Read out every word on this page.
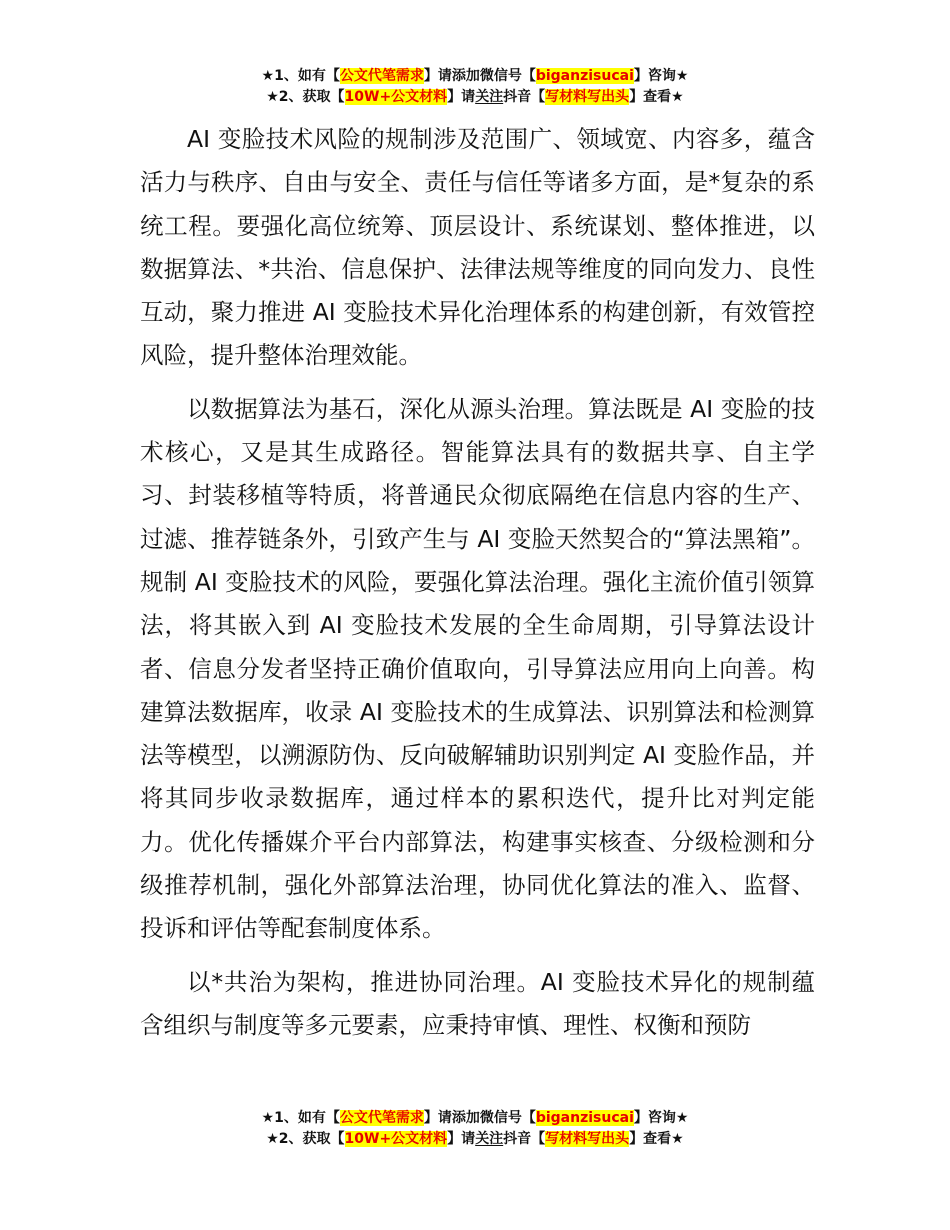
★1、如有【公文代笔需求】请添加微信号【biganzisucai】咨询★
★2、获取【10W+公文材料】请关注抖音【写材料写出头】查看★

AI 变脸技术风险的规制涉及范围广、领域宽、内容多，蕴含活力与秩序、自由与安全、责任与信任等诸多方面，是*复杂的系统工程。要强化高位统筹、顶层设计、系统谋划、整体推进，以数据算法、*共治、信息保护、法律法规等维度的同向发力、良性互动，聚力推进 AI 变脸技术异化治理体系的构建创新，有效管控风险，提升整体治理效能。

以数据算法为基石，深化从源头治理。算法既是 AI 变脸的技术核心，又是其生成路径。智能算法具有的数据共享、自主学习、封装移植等特质，将普通民众彻底隔绝在信息内容的生产、过滤、推荐链条外，引致产生与 AI 变脸天然契合的“算法黑箱”。规制 AI 变脸技术的风险，要强化算法治理。强化主流价值引领算法，将其嵌入到 AI 变脸技术发展的全生命周期，引导算法设计者、信息分发者坚持正确价值取向，引导算法应用向上向善。构建算法数据库，收录 AI 变脸技术的生成算法、识别算法和检测算法等模型，以溯源防伪、反向破解辅助识别判定 AI 变脸作品，并将其同步收录数据库，通过样本的累积迭代，提升比对判定能力。优化传播媒介平台内部算法，构建事实核查、分级检测和分级推荐机制，强化外部算法治理，协同优化算法的准入、监督、投诉和评估等配套制度体系。

以*共治为架构，推进协同治理。AI 变脸技术异化的规制蕴含组织与制度等多元要素，应秉持审慎、理性、权衡和预防

★1、如有【公文代笔需求】请添加微信号【biganzisucai】咨询★
★2、获取【10W+公文材料】请关注抖音【写材料写出头】查看★
